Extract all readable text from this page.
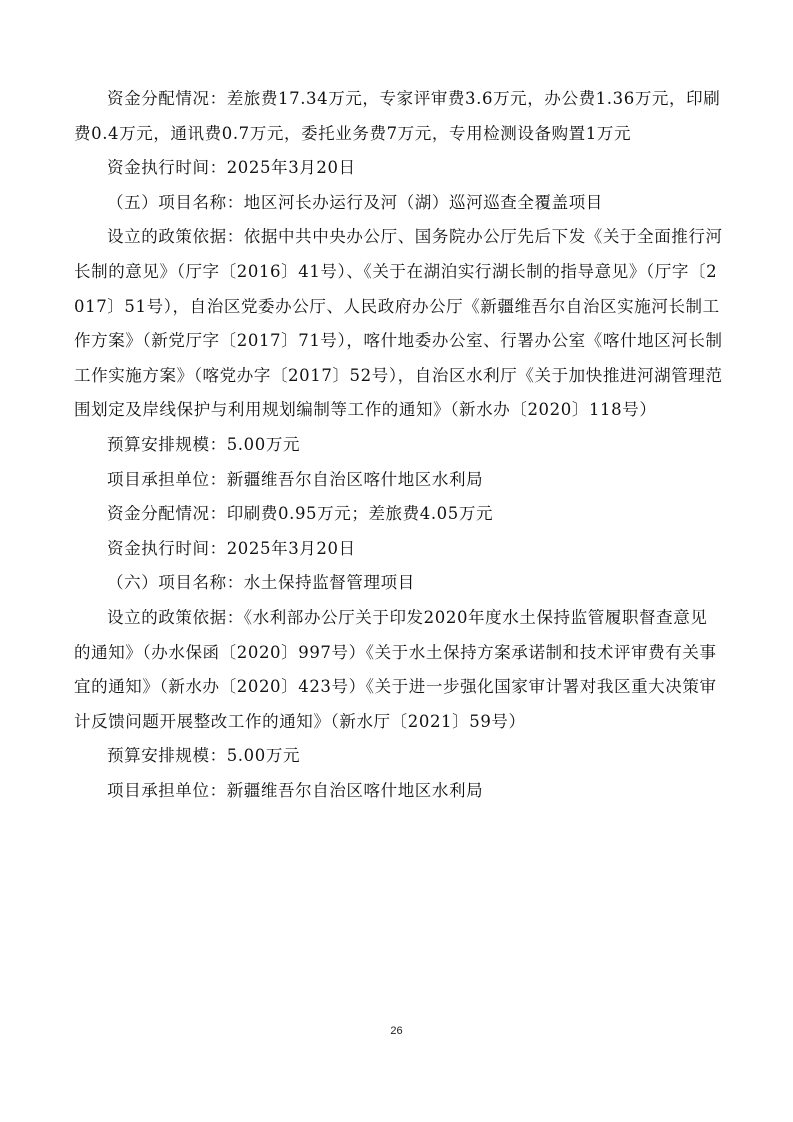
资金分配情况：差旅费17.34万元，专家评审费3.6万元，办公费1.36万元，印刷费0.4万元，通讯费0.7万元，委托业务费7万元，专用检测设备购置1万元

资金执行时间：2025年3月20日

（五）项目名称：地区河长办运行及河（湖）巡河巡查全覆盖项目

设立的政策依据：依据中共中央办公厅、国务院办公厅先后下发《关于全面推行河长制的意见》（厅字〔2016〕41号）、《关于在湖泊实行湖长制的指导意见》（厅字〔2017〕51号），自治区党委办公厅、人民政府办公厅《新疆维吾尔自治区实施河长制工作方案》（新党厅字〔2017〕71号），喀什地委办公室、行署办公室《喀什地区河长制工作实施方案》（喀党办字〔2017〕52号），自治区水利厅《关于加快推进河湖管理范围划定及岸线保护与利用规划编制等工作的通知》（新水办〔2020〕118号）

预算安排规模：5.00万元

项目承担单位：新疆维吾尔自治区喀什地区水利局

资金分配情况：印刷费0.95万元；差旅费4.05万元

资金执行时间：2025年3月20日

（六）项目名称：水土保持监督管理项目

设立的政策依据：《水利部办公厅关于印发2020年度水土保持监管履职督查意见的通知》（办水保函〔2020〕997号）《关于水土保持方案承诺制和技术评审费有关事宜的通知》（新水办〔2020〕423号）《关于进一步强化国家审计署对我区重大决策审计反馈问题开展整改工作的通知》（新水厅〔2021〕59号）

预算安排规模：5.00万元

项目承担单位：新疆维吾尔自治区喀什地区水利局

26
